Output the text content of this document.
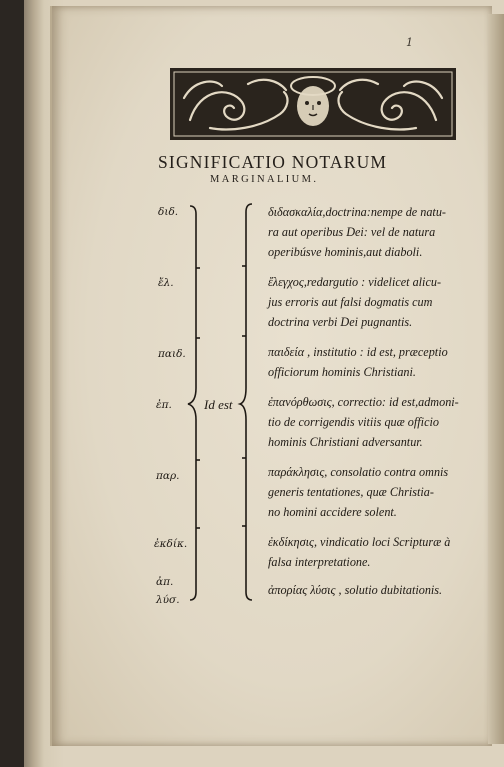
1
SIGNIFICATIO NOTARUM
MARGINALIUM.
διδ.
ἔλ.
παιδ.
ἐπ.
παρ.
ἐκδίκ.
ἀπ.
λύσ.
Id est
διδασκαλία,doctrina:nempe de natu-
ra aut operibus Dei: vel de natura
operibúsve hominis,aut diaboli.
ἔλεγχος,redargutio : videlicet alicu-
jus erroris aut falsi dogmatis cum
doctrina verbi Dei pugnantis.
παιδεία , institutio : id est, præceptio
officiorum hominis Christiani.
ἐπανόρθωσις, correctio: id est,admoni-
tio de corrigendis vitiis quæ officio
hominis Christiani adversantur.
παράκλησις, consolatio contra omnis
generis tentationes, quæ Christia-
no homini accidere solent.
ἐκδίκησις, vindicatio loci Scripturæ à
falsa interpretatione.
ἀπορίας λύσις , solutio dubitationis.
